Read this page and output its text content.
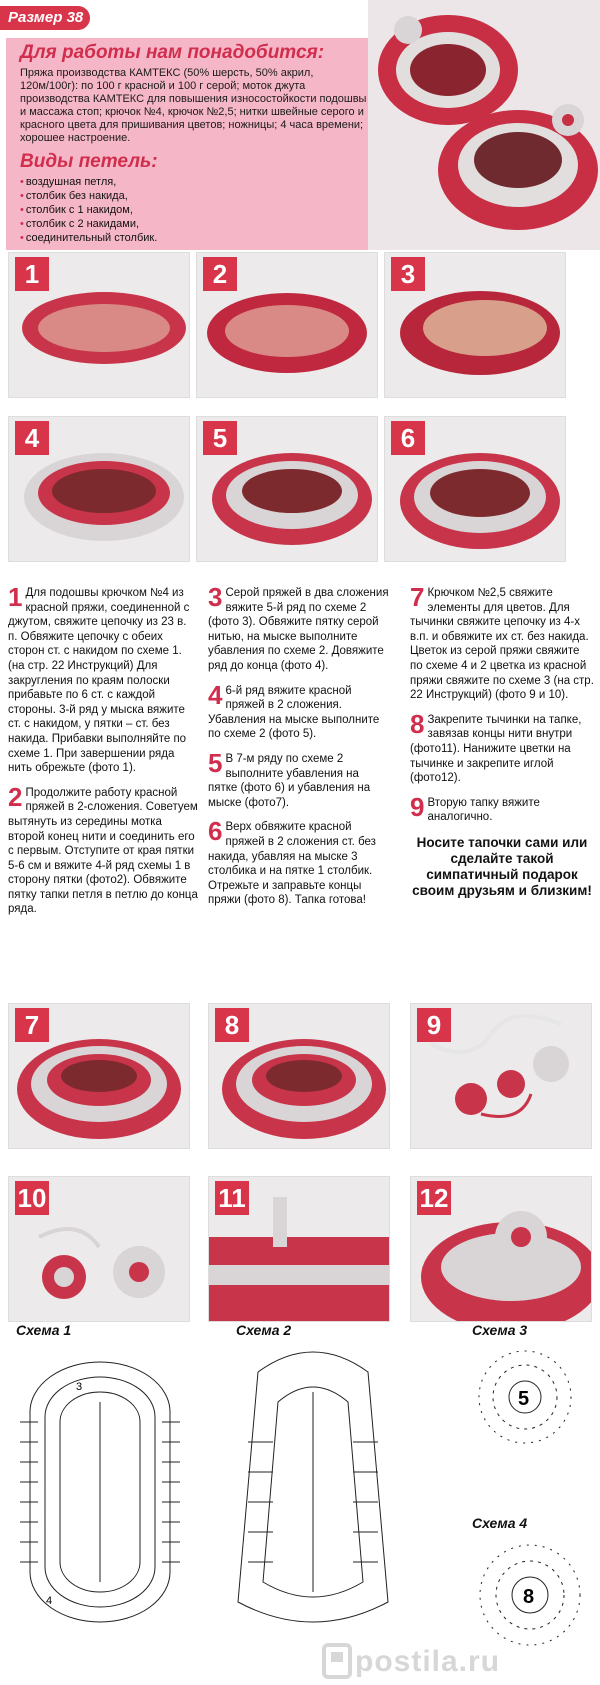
Размер 38
Для работы нам понадобится:
Пряжа производства КАМТЕКС (50% шерсть, 50% акрил, 120м/100г): по 100 г красной и 100 г серой; моток джута производства КАМТЕКС для повышения износостойкости подошвы и массажа стоп; крючок №4, крючок №2,5; нитки швейные серого и красного цвета для пришивания цветов; ножницы; 4 часа времени; хорошее настроение.
Виды петель:
• воздушная петля,
• столбик без накида,
• столбик с 1 накидом,
• столбик с 2 накидами,
• соединительный столбик.
1	2	3
4	5	6
1 Для подошвы крючком №4 из красной пряжи, соединенной с джутом, свяжите цепочку из 23 в. п. Обвяжите цепочку с обеих сторон ст. с накидом по схеме 1. (на стр. 22 Инструкций) Для закругления по краям полоски прибавьте по 6 ст. с каждой стороны. 3-й ряд у мыска вяжите ст. с накидом, у пятки – ст. без накида. Прибавки выполняйте по схеме 1. При завершении ряда нить обрежьте (фото 1).
2 Продолжите работу красной пряжей в 2-сложения. Советуем вытянуть из середины мотка второй конец нити и соединить его с первым. Отступите от края пятки 5-6 см и вяжите 4-й ряд схемы 1 в сторону пятки (фото2). Обвяжите пятку тапки петля в петлю до конца ряда.
3 Серой пряжей в два сложения вяжите 5-й ряд по схеме 2 (фото 3). Обвяжите пятку серой нитью, на мыске выполните убавления по схеме 2. Довяжите ряд до конца (фото 4).
4 6-й ряд вяжите красной пряжей в 2 сложения. Убавления на мыске выполните по схеме 2 (фото 5).
5 В 7-м ряду по схеме 2 выполните убавления на пятке (фото 6) и убавления на мыске (фото7).
6 Верх обвяжите красной пряжей в 2 сложения ст. без накида, убавляя на мыске 3 столбика и на пятке 1 столбик. Отрежьте и заправьте концы пряжи (фото 8). Тапка готова!
7 Крючком №2,5 свяжите элементы для цветов. Для тычинки свяжите цепочку из 4-х в.п. и обвяжите их ст. без накида. Цветок из серой пряжи свяжите по схеме 4 и 2 цветка из красной пряжи свяжите по схеме 3 (на стр. 22 Инструкций) (фото 9 и 10).
8 Закрепите тычинки на тапке, завязав концы нити внутри (фото11). Нанижите цветки на тычинке и закрепите иглой (фото12).
9 Вторую тапку вяжите аналогично.
Носите тапочки сами или сделайте такой симпатичный подарок своим друзьям и близким!
7	8	9
10	11	12
Схема 1	Схема 2	Схема 3
Схема 4
3
4
5
8
postila.ru
